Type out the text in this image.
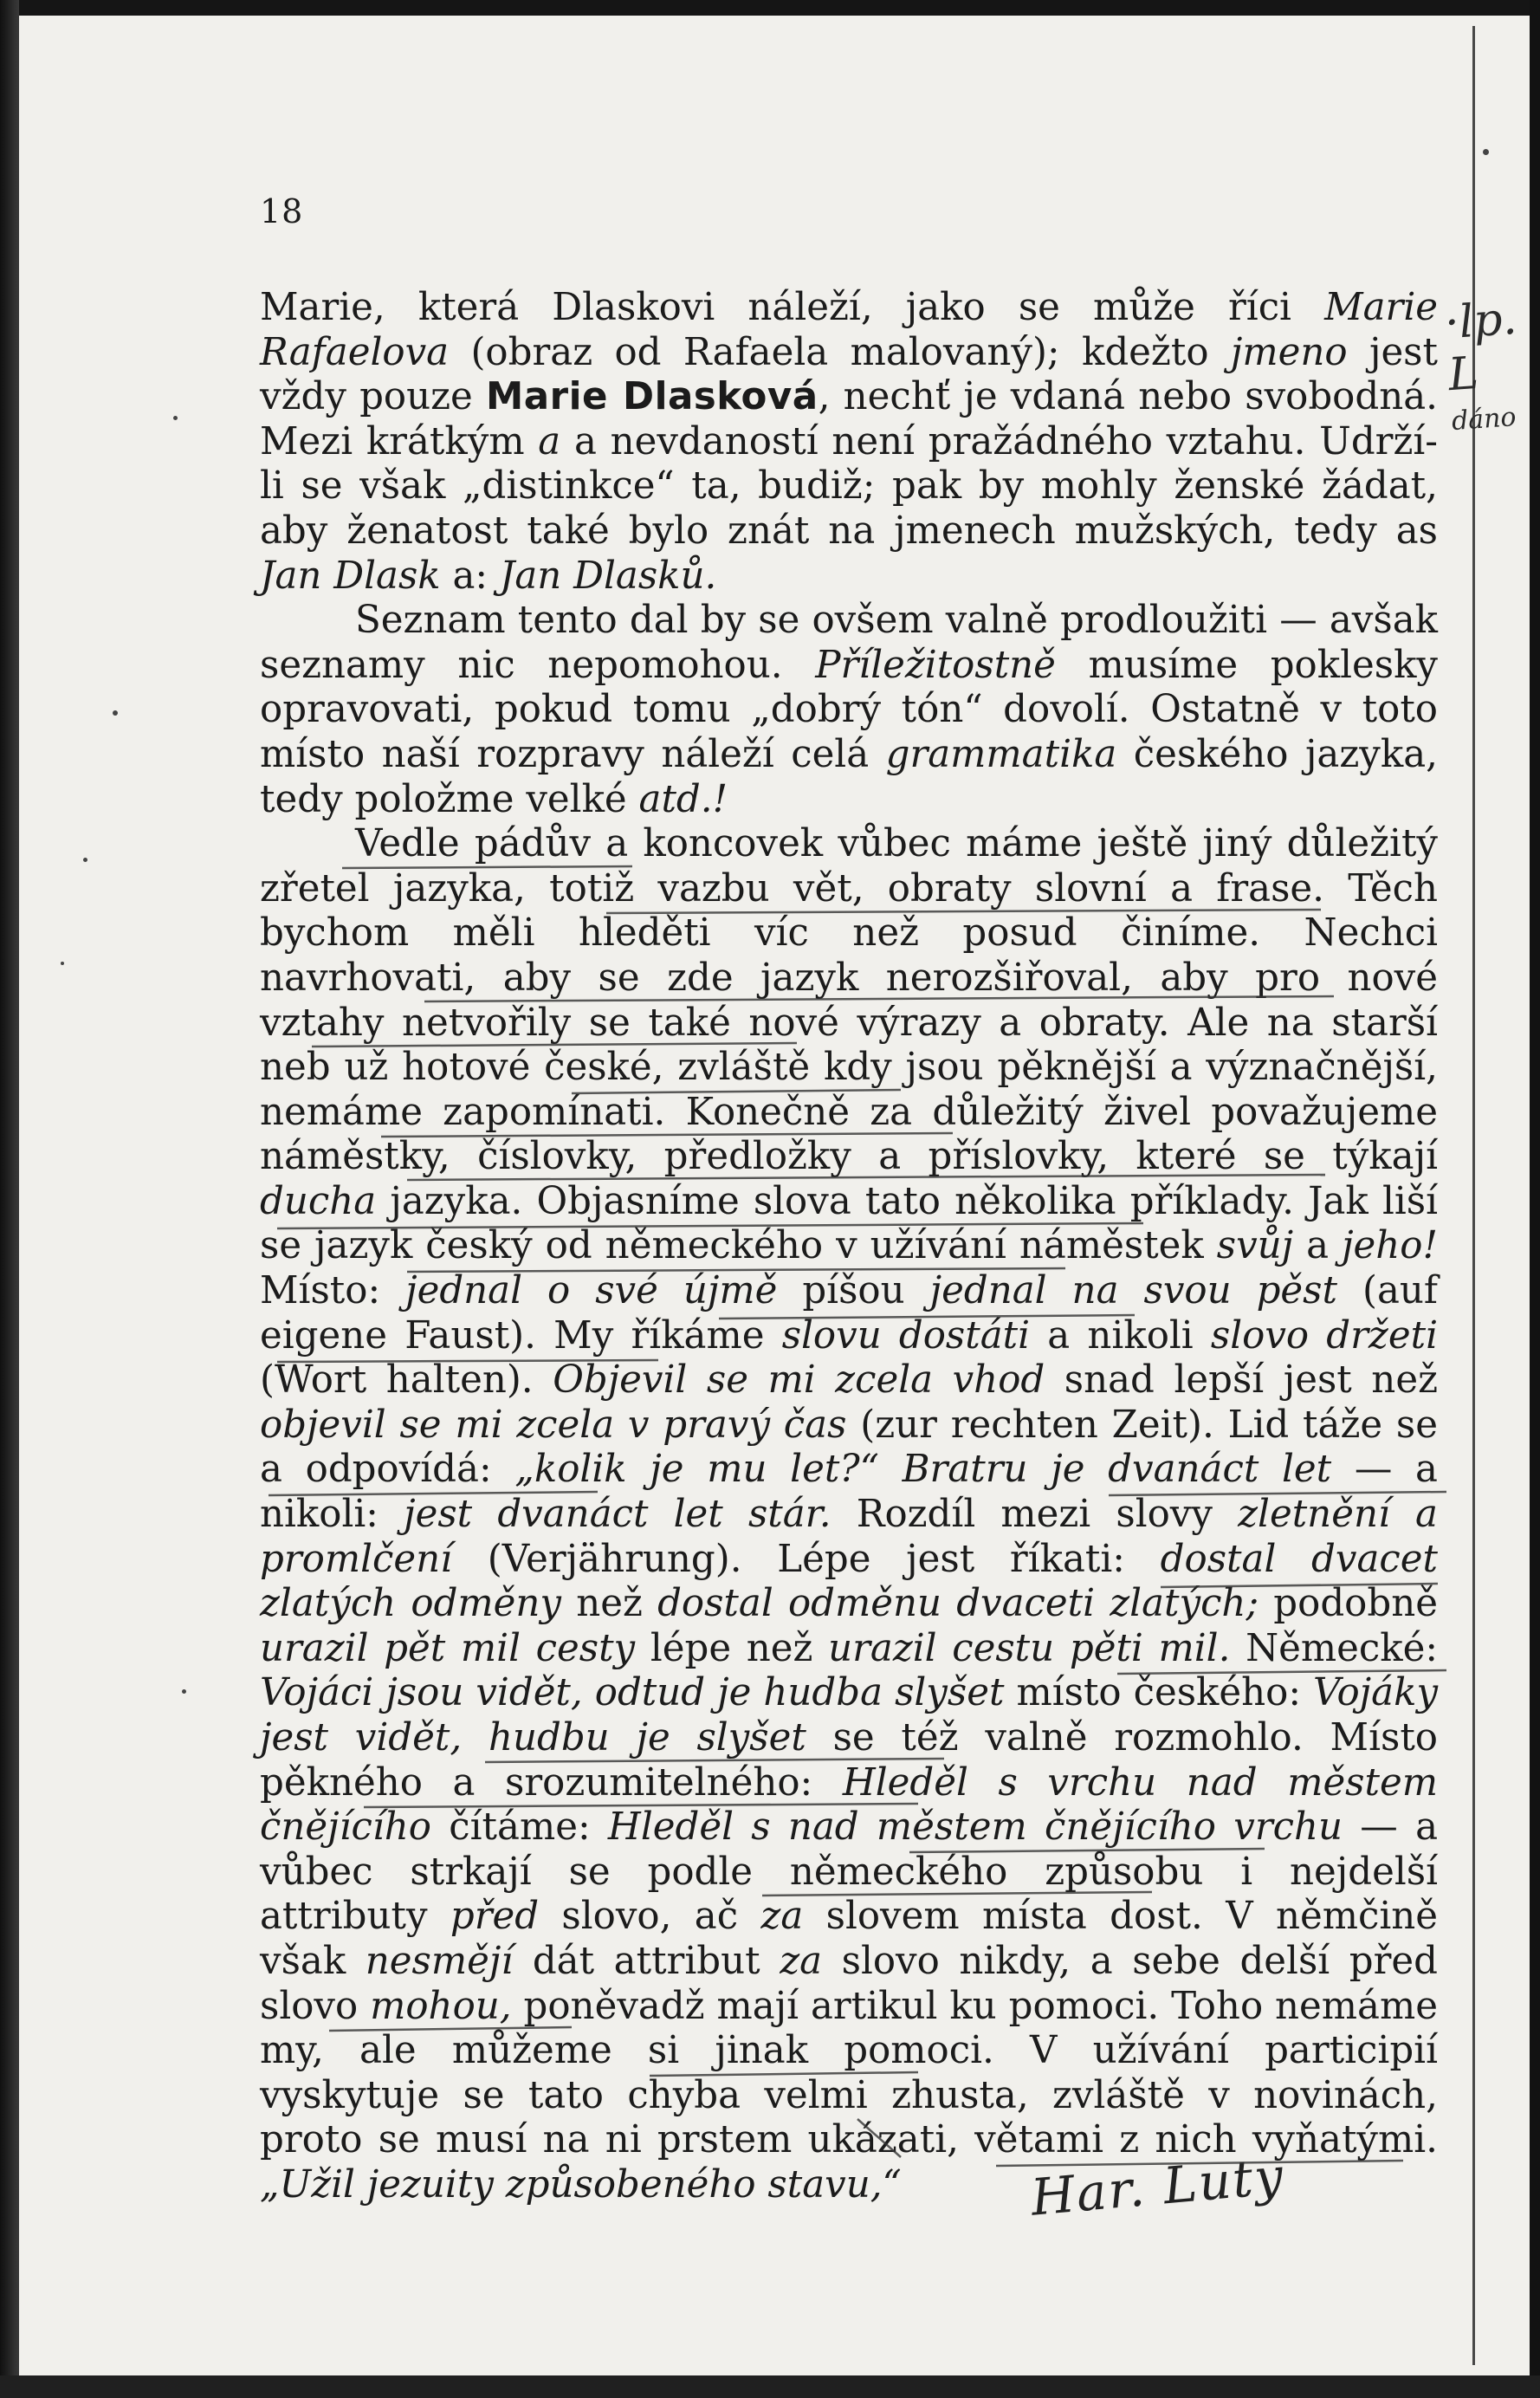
18

Marie, která Dlaskovi náleží, jako se může říci Marie Rafaelova (obraz od Rafaela malovaný); kdežto jmeno jest vždy pouze Marie Dlasková, nechť je vdaná nebo svobodná. Mezi krátkým a a nevdaností není pražádného vztahu. Udrží-li se však „distinkce“ ta, budiž; pak by mohly ženské žádat, aby ženatost také bylo znát na jmenech mužských, tedy as Jan Dlask a: Jan Dlasků.

Seznam tento dal by se ovšem valně prodloužiti — avšak seznamy nic nepomohou. Příležitostně musíme poklesky opravovati, pokud tomu „dobrý tón“ dovolí. Ostatně v toto místo naší rozpravy náleží celá grammatika českého jazyka, tedy položme velké atd.!

Vedle pádův a koncovek vůbec máme ještě jiný důležitý zřetel jazyka, totiž vazbu vět, obraty slovní a frase. Těch bychom měli hleděti víc než posud činíme. Nechci navrhovati, aby se zde jazyk nerozšiřoval, aby pro nové vztahy netvořily se také nové výrazy a obraty. Ale na starší neb už hotové české, zvláště kdy jsou pěknější a význačnější, nemáme zapomínati. Konečně za důležitý živel považujeme náměstky, číslovky, předložky a příslovky, které se týkají ducha jazyka. Objasníme slova tato několika příklady. Jak liší se jazyk český od německého v užívání náměstek svůj a jeho! Místo: jednal o své újmě píšou jednal na svou pěst (auf eigene Faust). My říkáme slovu dostáti a nikoli slovo držeti (Wort halten). Objevil se mi zcela vhod snad lepší jest než objevil se mi zcela v pravý čas (zur rechten Zeit). Lid táže se a odpovídá: „kolik je mu let?“ Bratru je dvanáct let — a nikoli: jest dvanáct let stár. Rozdíl mezi slovy zletnění a promlčení (Verjährung). Lépe jest říkati: dostal dvacet zlatých odměny než dostal odměnu dvaceti zlatých; podobně urazil pět mil cesty lépe než urazil cestu pěti mil. Německé: Vojáci jsou vidět, odtud je hudba slyšet místo českého: Vojáky jest vidět, hudbu je slyšet se též valně rozmohlo. Místo pěkného a srozumitelného: Hleděl s vrchu nad městem čnějícího čítáme: Hleděl s nad městem čnějícího vrchu — a vůbec strkají se podle německého způsobu i nejdelší attributy před slovo, ač za slovem místa dost. V němčině však nesmějí dát attribut za slovo nikdy, a sebe delší před slovo mohou, poněvadž mají artikul ku pomoci. Toho nemáme my, ale můžeme si jinak pomoci. V užívání participií vyskytuje se tato chyba velmi zhusta, zvláště v novinách, proto se musí na ni prstem ukázati, větami z nich vyňatými. „Užil jezuity způsobeného stavu,“

·lp. L
dáno
Har. Luty
